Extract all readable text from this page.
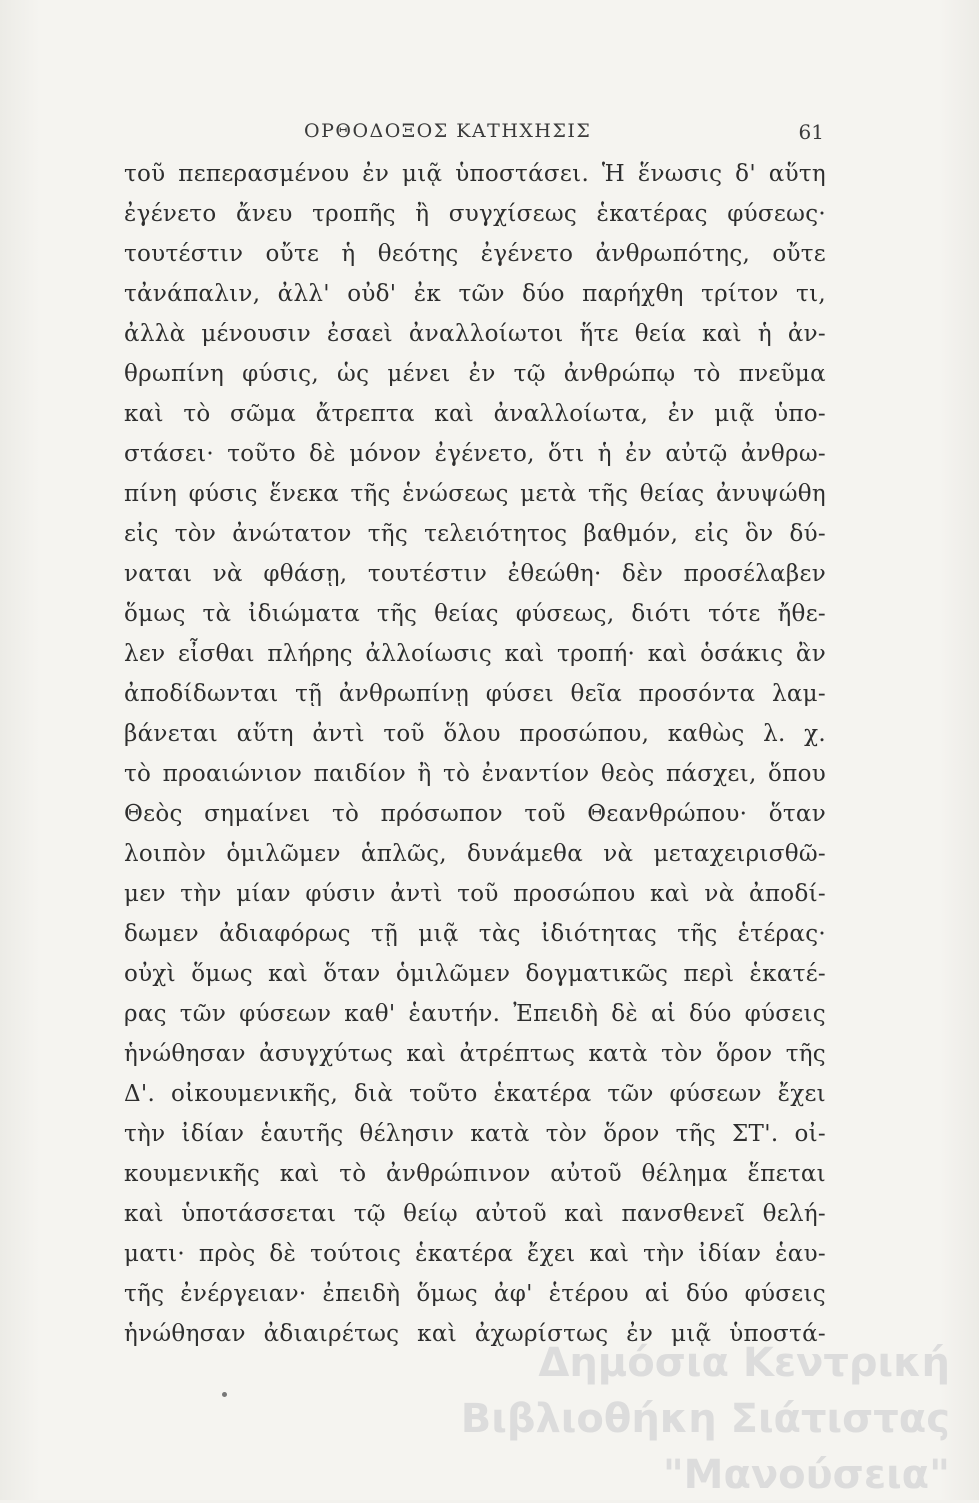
ΟΡΘΟΔΟΞΟΣ ΚΑΤΗΧΗΣΙΣ	61
τοῦ πεπερασμένου ἐν μιᾷ ὑποστάσει. Ἡ ἕνωσις δ' αὕτη
ἐγένετο ἄνευ τροπῆς ἢ συγχίσεως ἑκατέρας φύσεως·
τουτέστιν οὔτε ἡ θεότης ἐγένετο ἀνθρωπότης, οὔτε
τἀνάπαλιν, ἀλλ' οὐδ' ἐκ τῶν δύο παρήχθη τρίτον τι,
ἀλλὰ μένουσιν ἐσαεὶ ἀναλλοίωτοι ἥτε θεία καὶ ἡ ἀν-
θρωπίνη φύσις, ὡς μένει ἐν τῷ ἀνθρώπῳ τὸ πνεῦμα
καὶ τὸ σῶμα ἄτρεπτα καὶ ἀναλλοίωτα, ἐν μιᾷ ὑπο-
στάσει· τοῦτο δὲ μόνον ἐγένετο, ὅτι ἡ ἐν αὐτῷ ἀνθρω-
πίνη φύσις ἕνεκα τῆς ἑνώσεως μετὰ τῆς θείας ἀνυψώθη
εἰς τὸν ἀνώτατον τῆς τελειότητος βαθμόν, εἰς ὃν δύ-
ναται νὰ φθάσῃ, τουτέστιν ἐθεώθη· δὲν προσέλαβεν
ὅμως τὰ ἰδιώματα τῆς θείας φύσεως, διότι τότε ἤθε-
λεν εἶσθαι πλήρης ἀλλοίωσις καὶ τροπή· καὶ ὁσάκις ἂν
ἀποδίδωνται τῇ ἀνθρωπίνῃ φύσει θεῖα προσόντα λαμ-
βάνεται αὕτη ἀντὶ τοῦ ὅλου προσώπου, καθὼς λ. χ.
τὸ προαιώνιον παιδίον ἢ τὸ ἐναντίον θεὸς πάσχει, ὅπου
Θεὸς σημαίνει τὸ πρόσωπον τοῦ Θεανθρώπου· ὅταν
λοιπὸν ὁμιλῶμεν ἁπλῶς, δυνάμεθα νὰ μεταχειρισθῶ-
μεν τὴν μίαν φύσιν ἀντὶ τοῦ προσώπου καὶ νὰ ἀποδί-
δωμεν ἀδιαφόρως τῇ μιᾷ τὰς ἰδιότητας τῆς ἑτέρας·
οὐχὶ ὅμως καὶ ὅταν ὁμιλῶμεν δογματικῶς περὶ ἑκατέ-
ρας τῶν φύσεων καθ' ἑαυτήν. Ἐπειδὴ δὲ αἱ δύο φύσεις
ἡνώθησαν ἀσυγχύτως καὶ ἀτρέπτως κατὰ τὸν ὅρον τῆς
Δ'. οἰκουμενικῆς, διὰ τοῦτο ἑκατέρα τῶν φύσεων ἔχει
τὴν ἰδίαν ἑαυτῆς θέλησιν κατὰ τὸν ὅρον τῆς ΣΤ'. οἰ-
κουμενικῆς καὶ τὸ ἀνθρώπινον αὐτοῦ θέλημα ἕπεται
καὶ ὑποτάσσεται τῷ θείῳ αὐτοῦ καὶ πανσθενεῖ θελή-
ματι· πρὸς δὲ τούτοις ἑκατέρα ἔχει καὶ τὴν ἰδίαν ἑαυ-
τῆς ἐνέργειαν· ἐπειδὴ ὅμως ἀφ' ἑτέρου αἱ δύο φύσεις
ἡνώθησαν ἀδιαιρέτως καὶ ἀχωρίστως ἐν μιᾷ ὑποστά-
Δημόσια Κεντρική
Βιβλιοθήκη Σιάτιστας "Μανούσεια"
